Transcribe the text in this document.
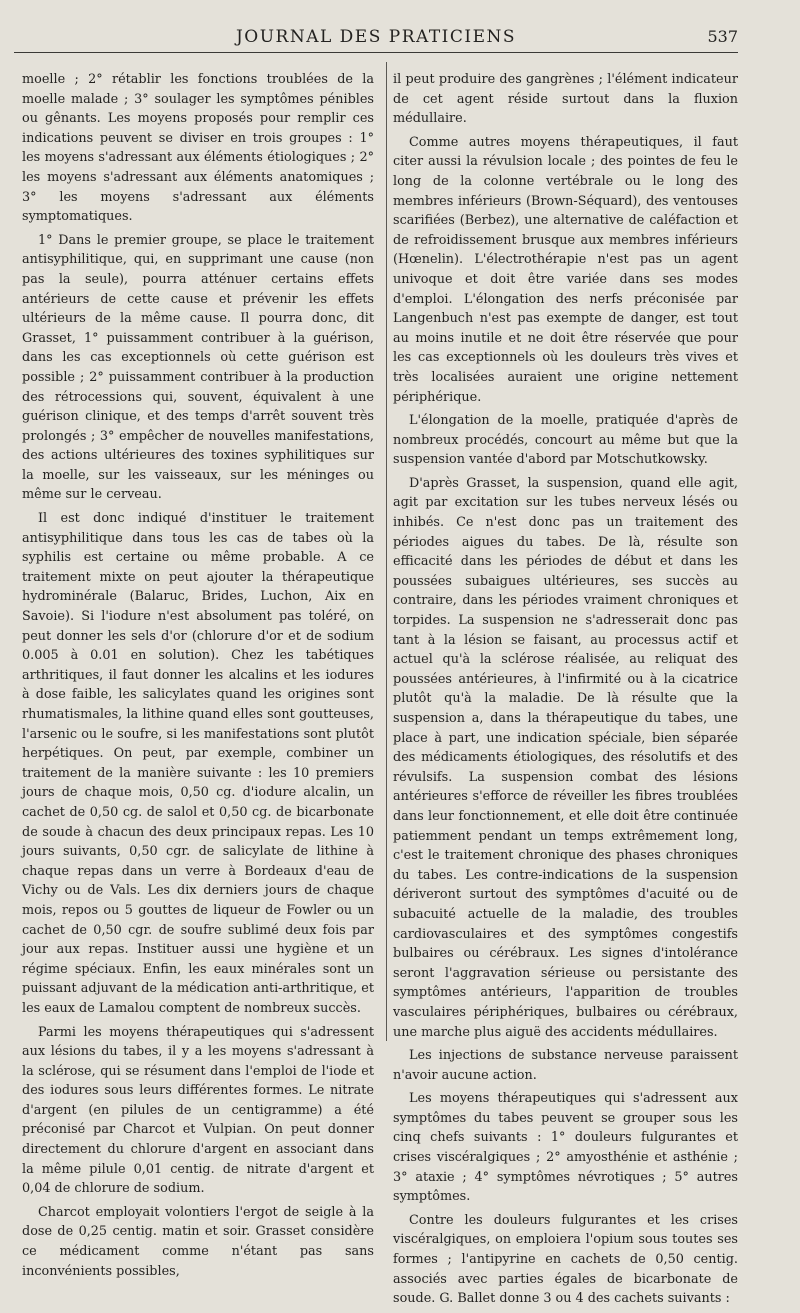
JOURNAL DES PRATICIENS	537

moelle ; 2° rétablir les fonctions troublées de la moelle malade ; 3° soulager les symptômes pénibles ou gênants. Les moyens proposés pour remplir ces indications peuvent se diviser en trois groupes : 1° les moyens s'adressant aux éléments étiologiques ; 2° les moyens s'adressant aux éléments anatomiques ; 3° les moyens s'adressant aux éléments symptomatiques.

1° Dans le premier groupe, se place le traitement antisyphilitique, qui, en supprimant une cause (non pas la seule), pourra atténuer certains effets antérieurs de cette cause et prévenir les effets ultérieurs de la même cause. Il pourra donc, dit Grasset, 1° puissamment contribuer à la guérison, dans les cas exceptionnels où cette guérison est possible ; 2° puissamment contribuer à la production des rétrocessions qui, souvent, équivalent à une guérison clinique, et des temps d'arrêt souvent très prolongés ; 3° empêcher de nouvelles manifestations, des actions ultérieures des toxines syphilitiques sur la moelle, sur les vaisseaux, sur les méninges ou même sur le cerveau.

Il est donc indiqué d'instituer le traitement antisyphilitique dans tous les cas de tabes où la syphilis est certaine ou même probable. A ce traitement mixte on peut ajouter la thérapeutique hydrominérale (Balaruc, Brides, Luchon, Aix en Savoie). Si l'iodure n'est absolument pas toléré, on peut donner les sels d'or (chlorure d'or et de sodium 0.005 à 0.01 en solution). Chez les tabétiques arthritiques, il faut donner les alcalins et les iodures à dose faible, les salicylates quand les origines sont rhumatismales, la lithine quand elles sont goutteuses, l'arsenic ou le soufre, si les manifestations sont plutôt herpétiques. On peut, par exemple, combiner un traitement de la manière suivante : les 10 premiers jours de chaque mois, 0,50 cg. d'iodure alcalin, un cachet de 0,50 cg. de salol et 0,50 cg. de bicarbonate de soude à chacun des deux principaux repas. Les 10 jours suivants, 0,50 cgr. de salicylate de lithine à chaque repas dans un verre à Bordeaux d'eau de Vichy ou de Vals. Les dix derniers jours de chaque mois, repos ou 5 gouttes de liqueur de Fowler ou un cachet de 0,50 cgr. de soufre sublimé deux fois par jour aux repas. Instituer aussi une hygiène et un régime spéciaux. Enfin, les eaux minérales sont un puissant adjuvant de la médication anti-arthritique, et les eaux de Lamalou comptent de nombreux succès.

Parmi les moyens thérapeutiques qui s'adressent aux lésions du tabes, il y a les moyens s'adressant à la sclérose, qui se résument dans l'emploi de l'iode et des iodures sous leurs différentes formes. Le nitrate d'argent (en pilules de un centigramme) a été préconisé par Charcot et Vulpian. On peut donner directement du chlorure d'argent en associant dans la même pilule 0,01 centig. de nitrate d'argent et 0,04 de chlorure de sodium.

Charcot employait volontiers l'ergot de seigle à la dose de 0,25 centig. matin et soir. Grasset considère ce médicament comme n'étant pas sans inconvénients possibles,

il peut produire des gangrènes ; l'élément indicateur de cet agent réside surtout dans la fluxion médullaire.

Comme autres moyens thérapeutiques, il faut citer aussi la révulsion locale ; des pointes de feu le long de la colonne vertébrale ou le long des membres inférieurs (Brown-Séquard), des ventouses scarifiées (Berbez), une alternative de caléfaction et de refroidissement brusque aux membres inférieurs (Hœnelin). L'électrothérapie n'est pas un agent univoque et doit être variée dans ses modes d'emploi. L'élongation des nerfs préconisée par Langenbuch n'est pas exempte de danger, est tout au moins inutile et ne doit être réservée que pour les cas exceptionnels où les douleurs très vives et très localisées auraient une origine nettement périphérique.

L'élongation de la moelle, pratiquée d'après de nombreux procédés, concourt au même but que la suspension vantée d'abord par Motschutkowsky.

D'après Grasset, la suspension, quand elle agit, agit par excitation sur les tubes nerveux lésés ou inhibés. Ce n'est donc pas un traitement des périodes aigues du tabes. De là, résulte son efficacité dans les périodes de début et dans les poussées subaigues ultérieures, ses succès au contraire, dans les périodes vraiment chroniques et torpides. La suspension ne s'adresserait donc pas tant à la lésion se faisant, au processus actif et actuel qu'à la sclérose réalisée, au reliquat des poussées antérieures, à l'infirmité ou à la cicatrice plutôt qu'à la maladie. De là résulte que la suspension a, dans la thérapeutique du tabes, une place à part, une indication spéciale, bien séparée des médicaments étiologiques, des résolutifs et des révulsifs. La suspension combat des lésions antérieures s'efforce de réveiller les fibres troublées dans leur fonctionnement, et elle doit être continuée patiemment pendant un temps extrêmement long, c'est le traitement chronique des phases chroniques du tabes. Les contre-indications de la suspension dériveront surtout des symptômes d'acuité ou de subacuité actuelle de la maladie, des troubles cardiovasculaires et des symptômes congestifs bulbaires ou cérébraux. Les signes d'intolérance seront l'aggravation sérieuse ou persistante des symptômes antérieurs, l'apparition de troubles vasculaires périphériques, bulbaires ou cérébraux, une marche plus aiguë des accidents médullaires.

Les injections de substance nerveuse paraissent n'avoir aucune action.

Les moyens thérapeutiques qui s'adressent aux symptômes du tabes peuvent se grouper sous les cinq chefs suivants : 1° douleurs fulgurantes et crises viscéralgiques ; 2° amyosthénie et asthénie ; 3° ataxie ; 4° symptômes névrotiques ; 5° autres symptômes.

Contre les douleurs fulgurantes et les crises viscéralgiques, on emploiera l'opium sous toutes ses formes ; l'antipyrine en cachets de 0,50 centig. associés avec parties égales de bicarbonate de soude. G. Ballet donne 3 ou 4 des cachets suivants :
